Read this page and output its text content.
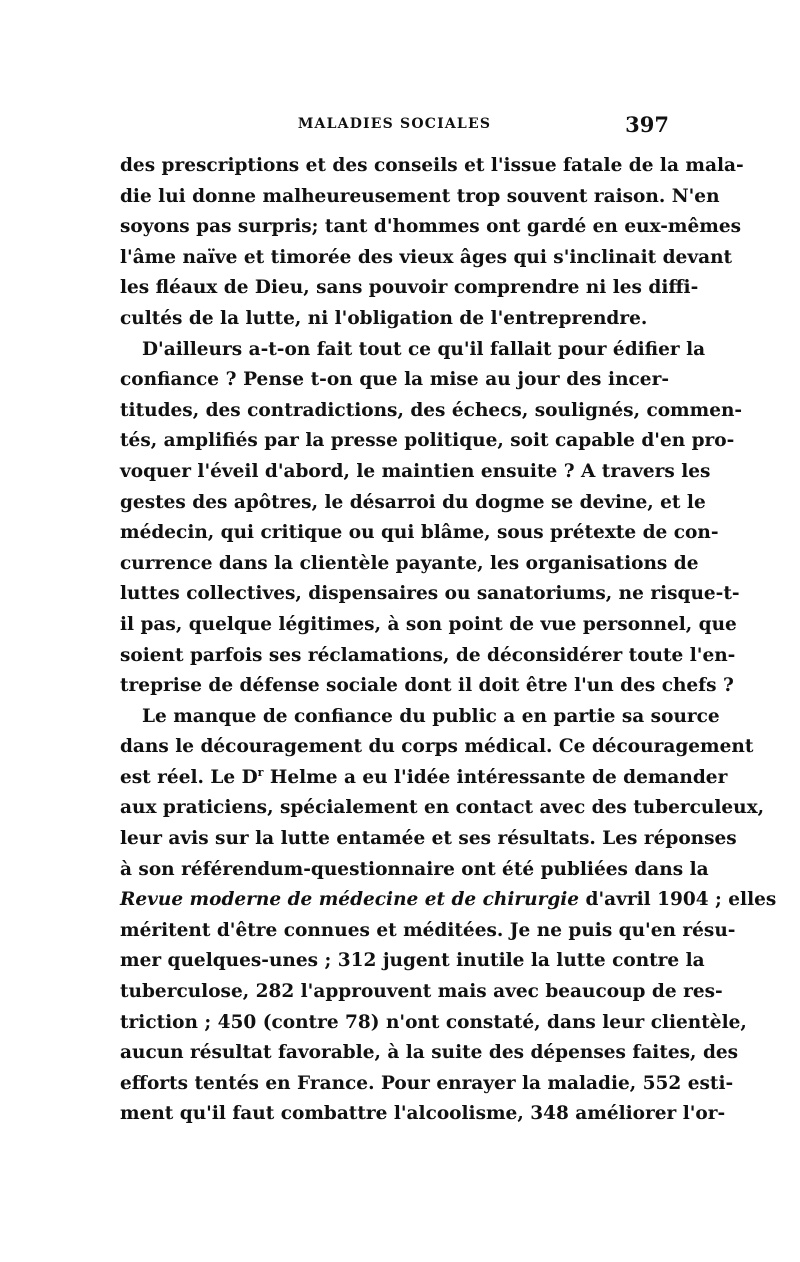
MALADIES SOCIALES	397
des prescriptions et des conseils et l'issue fatale de la mala-
die lui donne malheureusement trop souvent raison. N'en
soyons pas surpris; tant d'hommes ont gardé en eux-mêmes
l'âme naïve et timorée des vieux âges qui s'inclinait devant
les fléaux de Dieu, sans pouvoir comprendre ni les diffi-
cultés de la lutte, ni l'obligation de l'entreprendre.
D'ailleurs a-t-on fait tout ce qu'il fallait pour édifier la
confiance ? Pense t-on que la mise au jour des incer-
titudes, des contradictions, des échecs, soulignés, commen-
tés, amplifiés par la presse politique, soit capable d'en pro-
voquer l'éveil d'abord, le maintien ensuite ? A travers les
gestes des apôtres, le désarroi du dogme se devine, et le
médecin, qui critique ou qui blâme, sous prétexte de con-
currence dans la clientèle payante, les organisations de
luttes collectives, dispensaires ou sanatoriums, ne risque-t-
il pas, quelque légitimes, à son point de vue personnel, que
soient parfois ses réclamations, de déconsidérer toute l'en-
treprise de défense sociale dont il doit être l'un des chefs ?
Le manque de confiance du public a en partie sa source
dans le découragement du corps médical. Ce découragement
est réel. Le $D^r$ Helme a eu l'idée intéressante de demander
aux praticiens, spécialement en contact avec des tuberculeux,
leur avis sur la lutte entamée et ses résultats. Les réponses
à son référendum-questionnaire ont été publiées dans la
Revue moderne de médecine et de chirurgie d'avril 1904 ; elles
méritent d'être connues et méditées. Je ne puis qu'en résu-
mer quelques-unes ; 312 jugent inutile la lutte contre la
tuberculose, 282 l'approuvent mais avec beaucoup de res-
triction ; 450 (contre 78) n'ont constaté, dans leur clientèle,
aucun résultat favorable, à la suite des dépenses faites, des
efforts tentés en France. Pour enrayer la maladie, 552 esti-
ment qu'il faut combattre l'alcoolisme, 348 améliorer l'or-
